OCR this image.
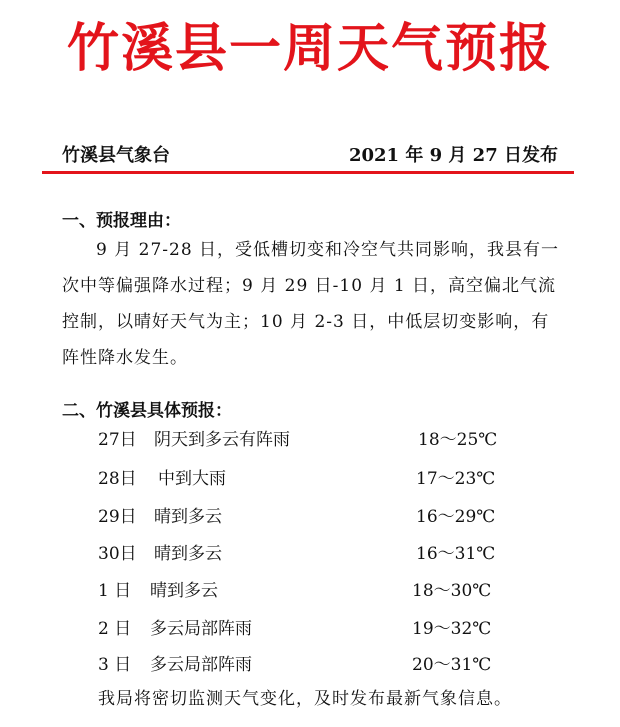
竹溪县一周天气预报
竹溪县气象台	2021 年 9 月 27 日发布
一、预报理由：

9 月 27-28 日，受低槽切变和冷空气共同影响，我县有一次中等偏强降水过程；9 月 29 日-10 月 1 日，高空偏北气流控制，以晴好天气为主；10 月 2-3 日，中低层切变影响，有阵性降水发生。

二、竹溪县具体预报：
27日 阴天到多云有阵雨	18～25℃
28日 中到大雨	17～23℃
29日 晴到多云	16～29℃
30日 晴到多云	16～31℃
1 日 晴到多云	18～30℃
2 日 多云局部阵雨	19～32℃
3 日 多云局部阵雨	20～31℃
我局将密切监测天气变化，及时发布最新气象信息。
